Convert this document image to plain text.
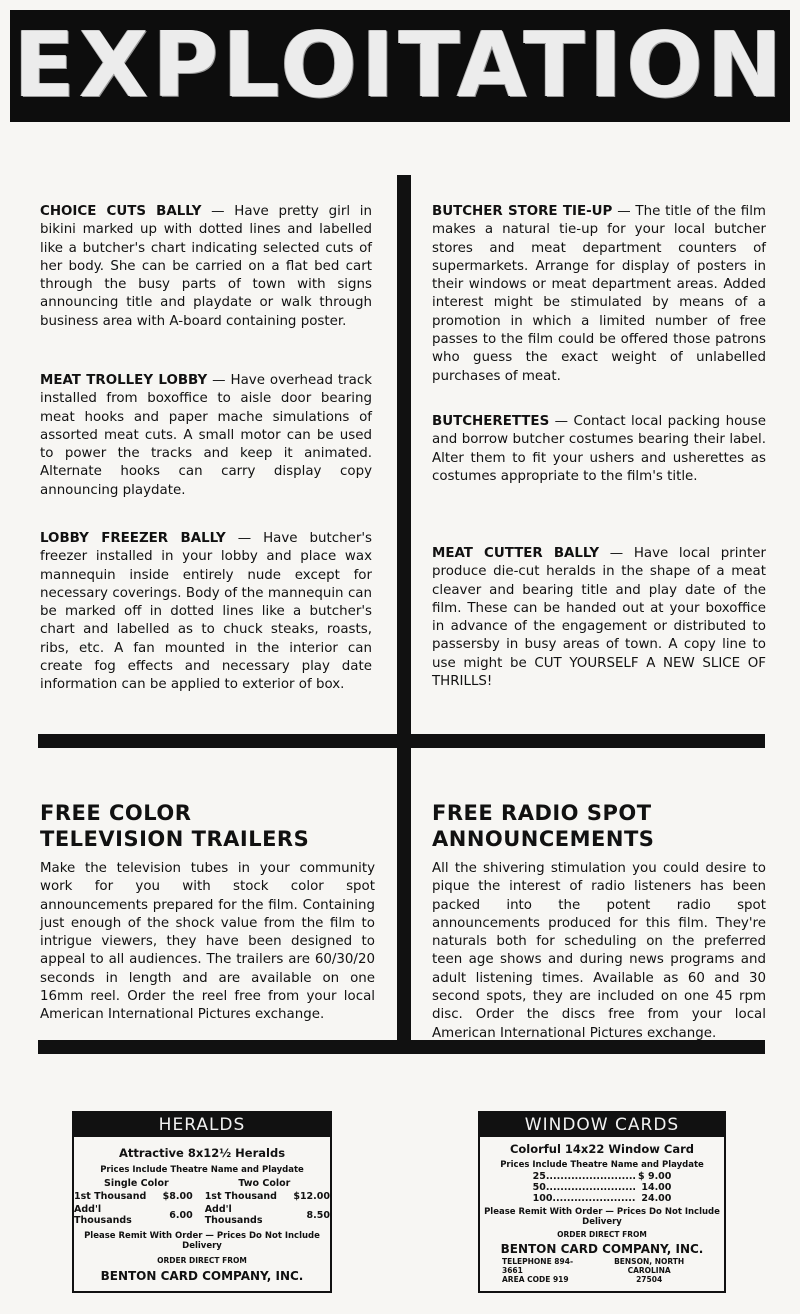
EXPLOITATION
CHOICE CUTS BALLY — Have pretty girl in bikini marked up with dotted lines and labelled like a butcher's chart indicating selected cuts of her body. She can be carried on a flat bed cart through the busy parts of town with signs announcing title and playdate or walk through business area with A-board containing poster.
MEAT TROLLEY LOBBY — Have overhead track installed from boxoffice to aisle door bearing meat hooks and paper mache simulations of assorted meat cuts. A small motor can be used to power the tracks and keep it animated. Alternate hooks can carry display copy announcing playdate.
LOBBY FREEZER BALLY — Have butcher's freezer installed in your lobby and place wax mannequin inside entirely nude except for necessary coverings. Body of the mannequin can be marked off in dotted lines like a butcher's chart and labelled as to chuck steaks, roasts, ribs, etc. A fan mounted in the interior can create fog effects and necessary play date information can be applied to exterior of box.
BUTCHER STORE TIE-UP — The title of the film makes a natural tie-up for your local butcher stores and meat department counters of supermarkets. Arrange for display of posters in their windows or meat department areas. Added interest might be stimulated by means of a promotion in which a limited number of free passes to the film could be offered those patrons who guess the exact weight of unlabelled purchases of meat.
BUTCHERETTES — Contact local packing house and borrow butcher costumes bearing their label. Alter them to fit your ushers and usherettes as costumes appropriate to the film's title.
MEAT CUTTER BALLY — Have local printer produce die-cut heralds in the shape of a meat cleaver and bearing title and play date of the film. These can be handed out at your boxoffice in advance of the engagement or distributed to passersby in busy areas of town. A copy line to use might be CUT YOURSELF A NEW SLICE OF THRILLS!
FREE COLOR
TELEVISION TRAILERS
Make the television tubes in your community work for you with stock color spot announcements prepared for the film. Containing just enough of the shock value from the film to intrigue viewers, they have been designed to appeal to all audiences. The trailers are 60/30/20 seconds in length and are available on one 16mm reel. Order the reel free from your local American International Pictures exchange.
FREE RADIO SPOT
ANNOUNCEMENTS
All the shivering stimulation you could desire to pique the interest of radio listeners has been packed into the potent radio spot announcements produced for this film. They're naturals both for scheduling on the preferred teen age shows and during news programs and adult listening times. Available as 60 and 30 second spots, they are included on one 45 rpm disc. Order the discs free from your local American International Pictures exchange.
HERALDS
Attractive 8x12½ Heralds
Prices Include Theatre Name and Playdate
Single Color		Two Color	
1st Thousand	$8.00	1st Thousand	$12.00
Add'l Thousands	6.00	Add'l Thousands	8.50
Please Remit With Order — Prices Do Not Include Delivery
ORDER DIRECT FROM
BENTON CARD COMPANY, INC.
WINDOW CARDS
Colorful 14x22 Window Card
Prices Include Theatre Name and Playdate
25.........................	$ 9.00
50.........................	14.00
100.......................	24.00
Please Remit With Order — Prices Do Not Include Delivery
ORDER DIRECT FROM
BENTON CARD COMPANY, INC.
TELEPHONE 894-3661
AREA CODE 919
BENSON, NORTH CAROLINA
27504
